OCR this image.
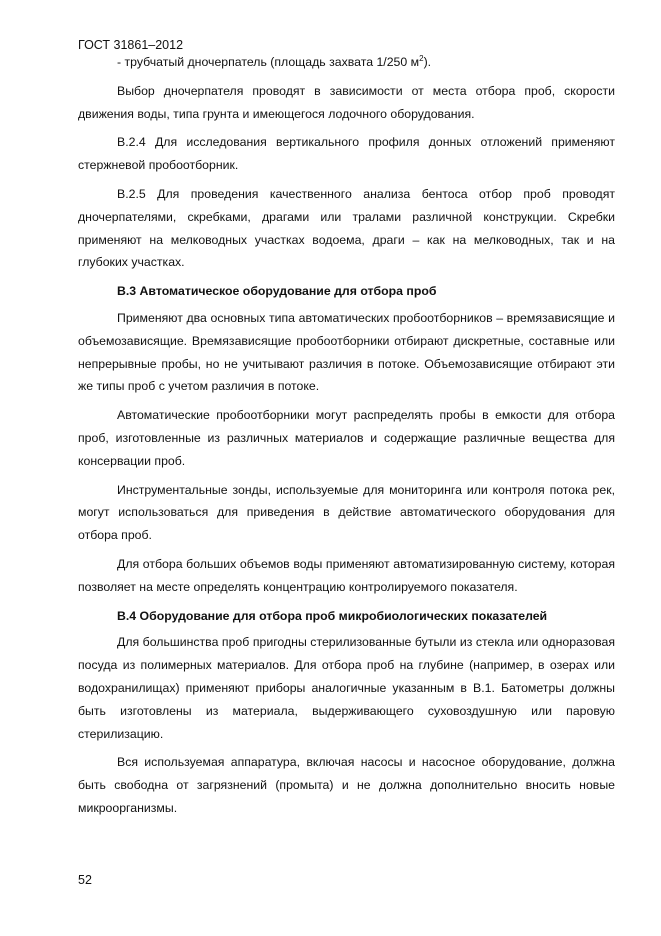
ГОСТ 31861–2012

- трубчатый дночерпатель (площадь захвата 1/250 $м^2$).

Выбор дночерпателя проводят в зависимости от места отбора проб, скорости движения воды, типа грунта и имеющегося лодочного оборудования.

В.2.4 Для исследования вертикального профиля донных отложений применяют стержневой пробоотборник.

В.2.5 Для проведения качественного анализа бентоса отбор проб проводят дночерпателями, скребками, драгами или тралами различной конструкции. Скребки применяют на мелководных участках водоема, драги – как на мелководных, так и на глубоких участках.

В.3 Автоматическое оборудование для отбора проб

Применяют два основных типа автоматических пробоотборников – времязависящие и объемозависящие. Времязависящие пробоотборники отбирают дискретные, составные или непрерывные пробы, но не учитывают различия в потоке. Объемозависящие отбирают эти же типы проб с учетом различия в потоке.

Автоматические пробоотборники могут распределять пробы в емкости для отбора проб, изготовленные из различных материалов и содержащие различные вещества для консервации проб.

Инструментальные зонды, используемые для мониторинга или контроля потока рек, могут использоваться для приведения в действие автоматического оборудования для отбора проб.

Для отбора больших объемов воды применяют автоматизированную систему, которая позволяет на месте определять концентрацию контролируемого показателя.

В.4 Оборудование для отбора проб микробиологических показателей

Для большинства проб пригодны стерилизованные бутыли из стекла или одноразовая посуда из полимерных материалов. Для отбора проб на глубине (например, в озерах или водохранилищах) применяют приборы аналогичные указанным в В.1. Батометры должны быть изготовлены из материала, выдерживающего суховоздушную или паровую стерилизацию.

Вся используемая аппаратура, включая насосы и насосное оборудование, должна быть свободна от загрязнений (промыта) и не должна дополнительно вносить новые микроорганизмы.

52
